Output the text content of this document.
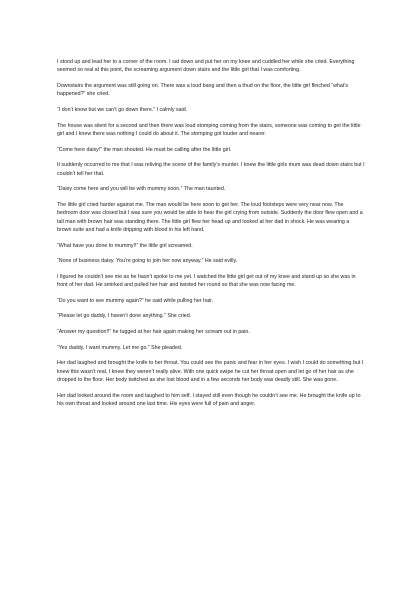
I stood up and lead her to a corner of the room. I sat down and put her on my knee and cuddled her while she cried. Everything seemed so real at this point, the screaming argument down stairs and the little girl that I was comforting.

Downstairs the argument was still going on. There was a loud bang and then a thud on the floor, the little girl flinched “what’s happened?” she cried.

“I don’t know but we can’t go down there.” I calmly said.

The house was silent for a second and then there was loud stomping coming from the stairs, someone was coming to get the little girl and I knew there was nothing I could do about it. The stomping got louder and nearer.

“Come here daisy!” the man shouted. He must be calling after the little girl.

It suddenly occurred to me that I was reliving the scene of the family’s murder. I knew the little girls mum was dead down stairs but I couldn’t tell her that.

“Daisy come here and you will be with mummy soon.” The man taunted.

The little girl cried harder against me. The man would be here soon to get her. The loud footsteps were very near now. The bedroom door was closed but I was sure you would be able to hear the girl crying from outside. Suddenly the door flew open and a tall man with brown hair was standing there. The little girl flew her head up and looked at her dad in shock. He was wearing a brown suite and had a knife dripping with blood in his left hand.

“What have you done to mummy!!” the little girl screamed.

“None of business daisy. You’re going to join her now anyway.” He said evilly.

I figured he couldn’t see me as he hasn’t spoke to me yet. I watched the little girl get out of my knee and stand up so she was in front of her dad. He smirked and pulled her hair and twisted her round so that she was now facing me.

“Do you want to see mummy again?” he said while pulling her hair.

“Please let go daddy, I haven’t done anything.” She cried.

“Answer my question!!” he tugged at her hair again making her scream out in pain.

“Yes daddy, I want mummy. Let me go.” She pleaded.

Her dad laughed and brought the knife to her throat. You could see the panic and fear in her eyes. I wish I could do something but I knew this wasn’t real, I knew they weren’t really alive. With one quick swipe he cut her throat open and let go of her hair as she dropped to the floor. Her body twitched as she lost blood and in a few seconds her body was deadly still. She was gone.

Her dad looked around the room and laughed to him self. I stayed still even though he couldn’t see me. He brought the knife up to his own throat and looked around one last time. His eyes were full of pain and anger.
